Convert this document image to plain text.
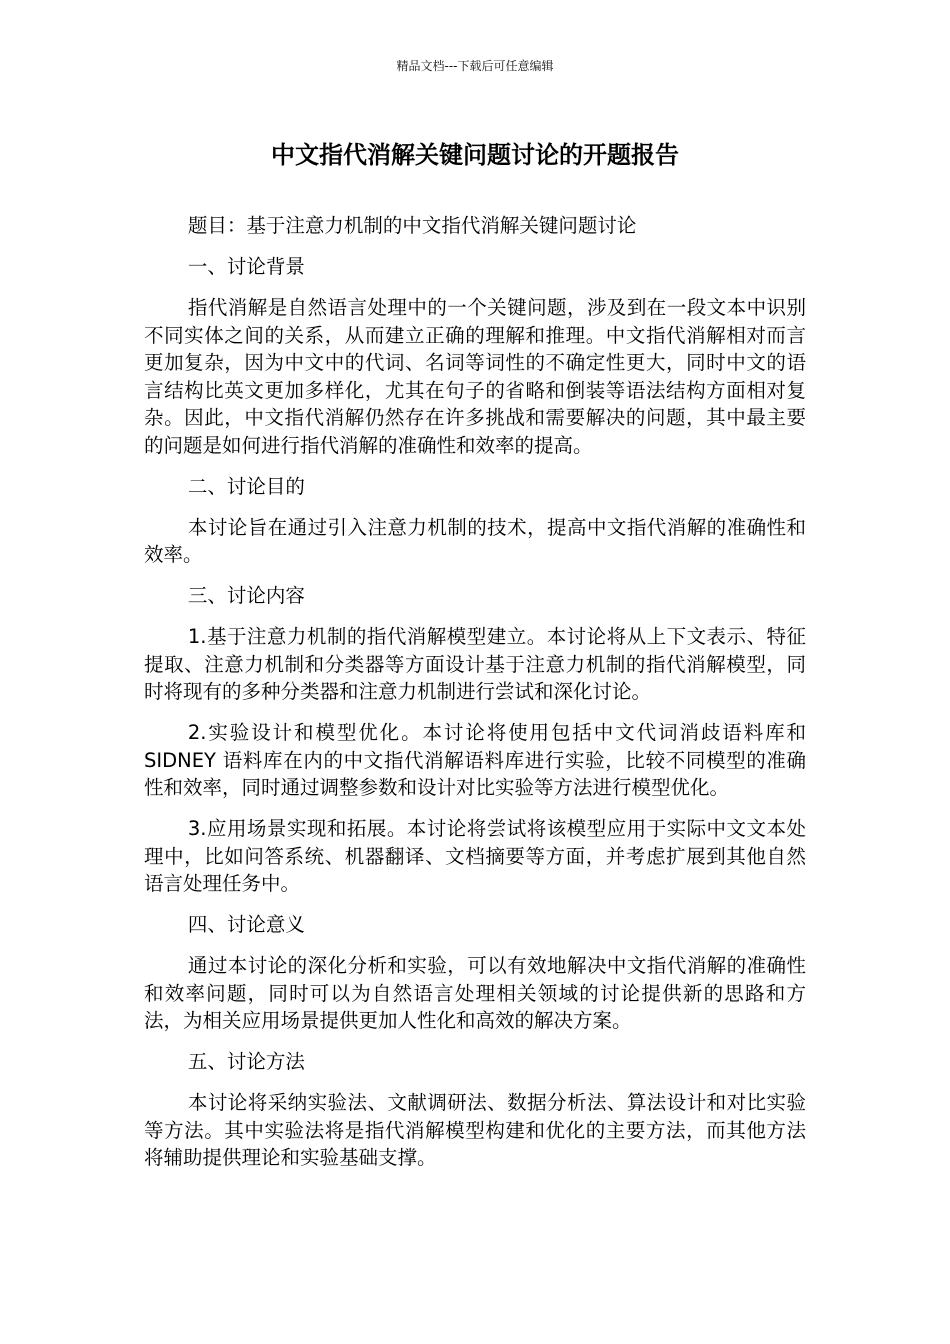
精品文档---下载后可任意编辑
中文指代消解关键问题讨论的开题报告

题目：基于注意力机制的中文指代消解关键问题讨论

一、讨论背景

指代消解是自然语言处理中的一个关键问题，涉及到在一段文本中识别不同实体之间的关系，从而建立正确的理解和推理。中文指代消解相对而言更加复杂，因为中文中的代词、名词等词性的不确定性更大，同时中文的语言结构比英文更加多样化，尤其在句子的省略和倒装等语法结构方面相对复杂。因此，中文指代消解仍然存在许多挑战和需要解决的问题，其中最主要的问题是如何进行指代消解的准确性和效率的提高。

二、讨论目的

本讨论旨在通过引入注意力机制的技术，提高中文指代消解的准确性和效率。

三、讨论内容

1.基于注意力机制的指代消解模型建立。本讨论将从上下文表示、特征提取、注意力机制和分类器等方面设计基于注意力机制的指代消解模型，同时将现有的多种分类器和注意力机制进行尝试和深化讨论。

2.实验设计和模型优化。本讨论将使用包括中文代词消歧语料库和 SIDNEY 语料库在内的中文指代消解语料库进行实验，比较不同模型的准确性和效率，同时通过调整参数和设计对比实验等方法进行模型优化。

3.应用场景实现和拓展。本讨论将尝试将该模型应用于实际中文文本处理中，比如问答系统、机器翻译、文档摘要等方面，并考虑扩展到其他自然语言处理任务中。

四、讨论意义

通过本讨论的深化分析和实验，可以有效地解决中文指代消解的准确性和效率问题，同时可以为自然语言处理相关领域的讨论提供新的思路和方法，为相关应用场景提供更加人性化和高效的解决方案。

五、讨论方法

本讨论将采纳实验法、文献调研法、数据分析法、算法设计和对比实验等方法。其中实验法将是指代消解模型构建和优化的主要方法，而其他方法将辅助提供理论和实验基础支撑。
